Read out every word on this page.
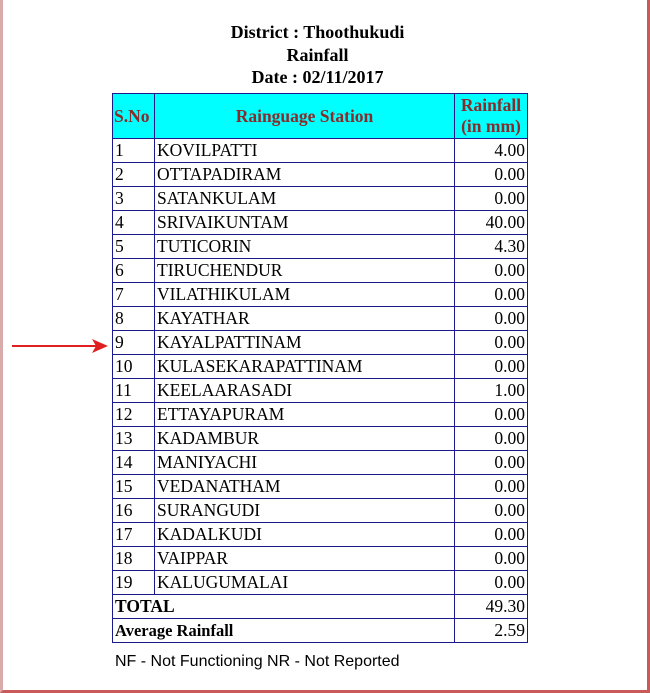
District : Thoothukudi
Rainfall
Date : 02/11/2017
S.No	Rainguage Station	Rainfall
(in mm)
1	KOVILPATTI	4.00
2	OTTAPADIRAM	0.00
3	SATANKULAM	0.00
4	SRIVAIKUNTAM	40.00
5	TUTICORIN	4.30
6	TIRUCHENDUR	0.00
7	VILATHIKULAM	0.00
8	KAYATHAR	0.00
9	KAYALPATTINAM	0.00
10	KULASEKARAPATTINAM	0.00
11	KEELAARASADI	1.00
12	ETTAYAPURAM	0.00
13	KADAMBUR	0.00
14	MANIYACHI	0.00
15	VEDANATHAM	0.00
16	SURANGUDI	0.00
17	KADALKUDI	0.00
18	VAIPPAR	0.00
19	KALUGUMALAI	0.00
TOTAL		49.30
Average Rainfall		2.59
NF - Not Functioning NR - Not Reported
